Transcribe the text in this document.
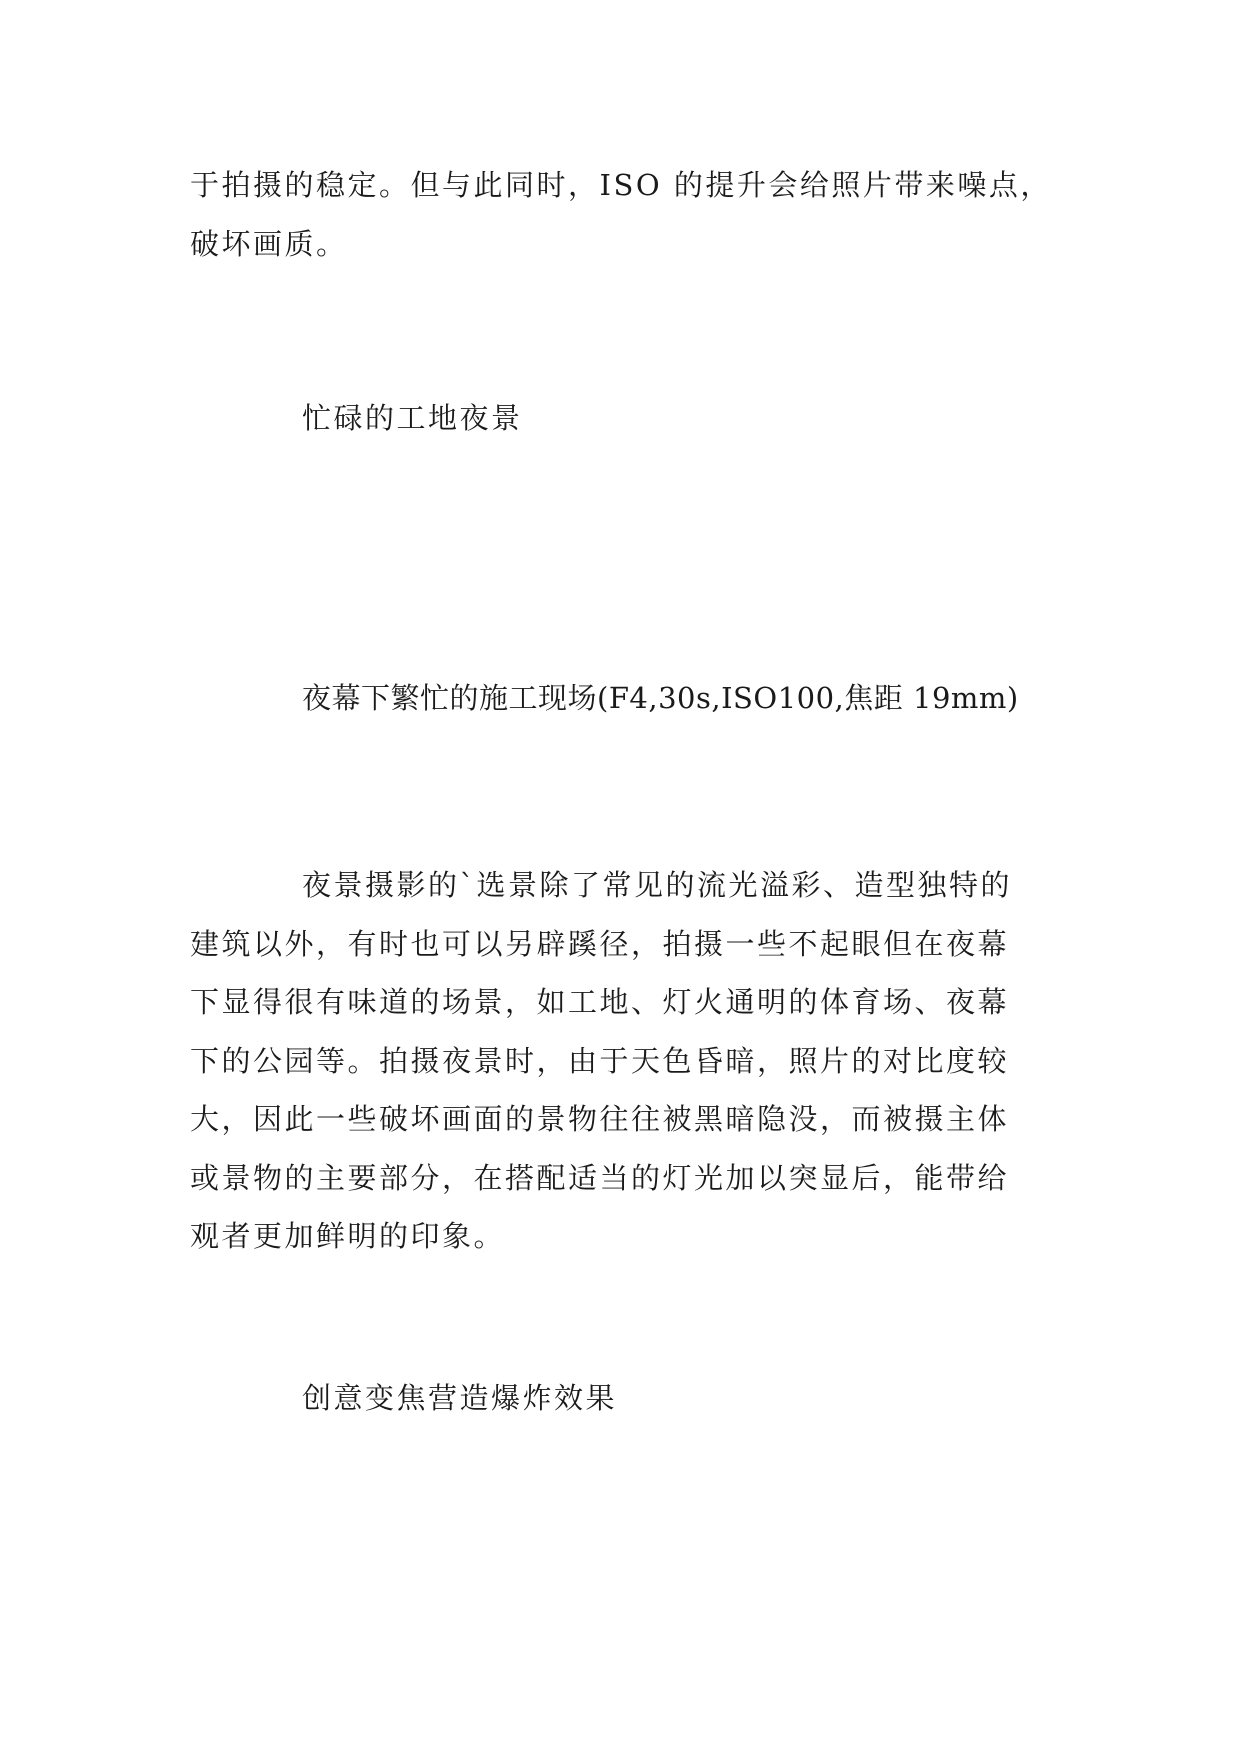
于拍摄的稳定。但与此同时，ISO 的提升会给照片带来噪点，
破坏画质。
忙碌的工地夜景
夜幕下繁忙的施工现场(F4,30s,ISO100,焦距 19mm)
夜景摄影的`选景除了常见的流光溢彩、造型独特的
建筑以外，有时也可以另辟蹊径，拍摄一些不起眼但在夜幕
下显得很有味道的场景，如工地、灯火通明的体育场、夜幕
下的公园等。拍摄夜景时，由于天色昏暗，照片的对比度较
大，因此一些破坏画面的景物往往被黑暗隐没，而被摄主体
或景物的主要部分，在搭配适当的灯光加以突显后，能带给
观者更加鲜明的印象。
创意变焦营造爆炸效果
